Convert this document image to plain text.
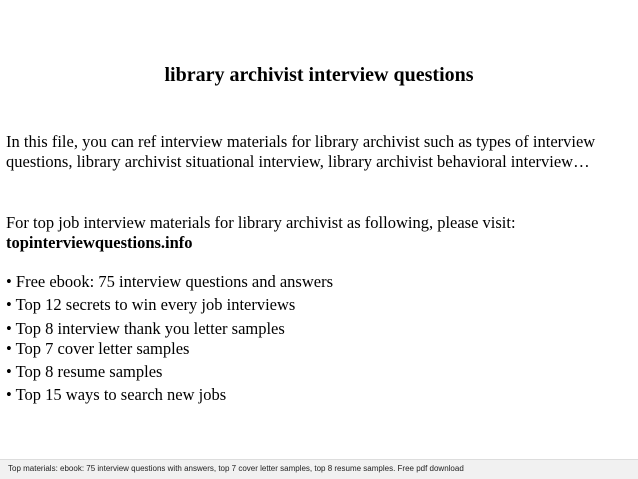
library archivist interview questions

In this file, you can ref interview materials for library archivist such as types of interview questions, library archivist situational interview, library archivist behavioral interview…

For top job interview materials for library archivist as following, please visit:

topinterviewquestions.info

• Free ebook: 75 interview questions and answers
• Top 12 secrets to win every job interviews
• Top 8 interview thank you letter samples
• Top 7 cover letter samples
• Top 8 resume samples
• Top 15 ways to search new jobs
Top materials: ebook: 75 interview questions with answers, top 7 cover letter samples, top 8 resume samples. Free pdf download
